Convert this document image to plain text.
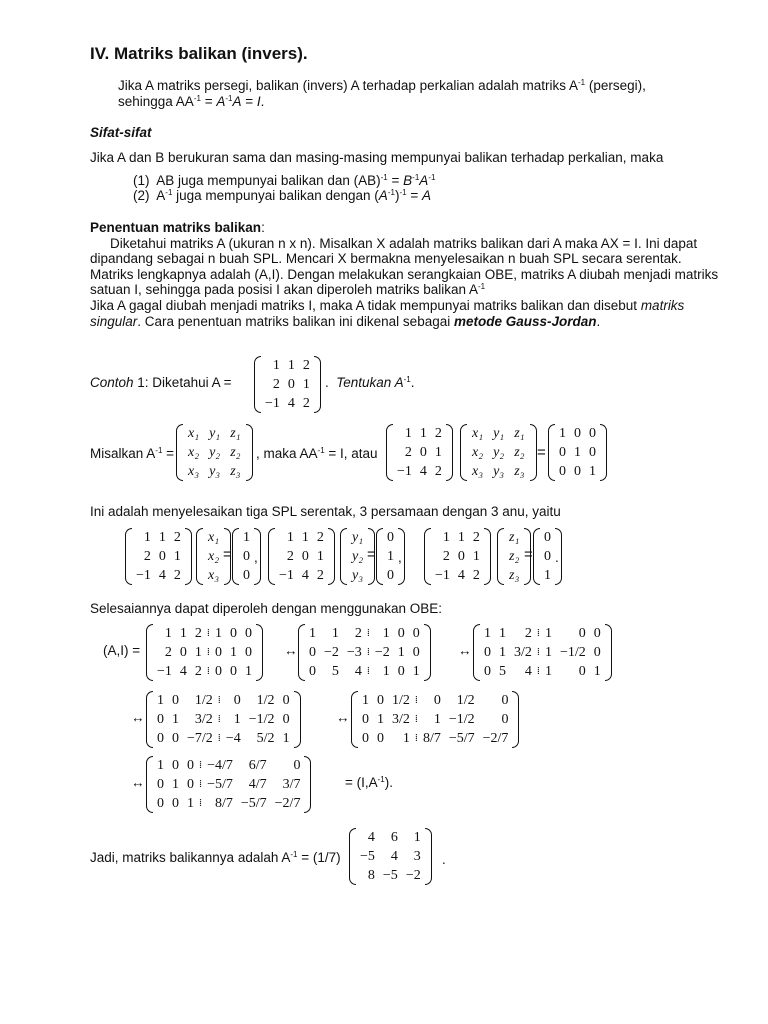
IV. Matriks balikan (invers).
Jika A matriks persegi, balikan (invers) A terhadap perkalian adalah matriks $A^{-1}$ (persegi),
sehingga $AA^{-1} = A^{-1}A = I$.
Sifat-sifat
Jika A dan B berukuran sama dan masing-masing mempunyai balikan terhadap perkalian, maka
(1) AB juga mempunyai balikan dan $(AB)^{-1} = B^{-1}A^{-1}$
(2) $A^{-1}$ juga mempunyai balikan dengan $(A^{-1})^{-1} = A$
Penentuan matriks balikan:
Diketahui matriks A (ukuran n x n). Misalkan X adalah matriks balikan dari A maka AX = I. Ini dapat
dipandang sebagai n buah SPL. Mencari X bermakna menyelesaikan n buah SPL secara serentak.
Matriks lengkapnya adalah (A,I). Dengan melakukan serangkaian OBE, matriks A diubah menjadi matriks
satuan I, sehingga pada posisi I akan diperoleh matriks balikan $A^{-1}$
Jika A gagal diubah menjadi matriks I, maka A tidak mempunyai matriks balikan dan disebut matriks
singular. Cara penentuan matriks balikan ini dikenal sebagai metode Gauss-Jordan.
Contoh 1: Diketahui A =
1	1	2
2	0	1
−1	4	2
.  Tentukan $A^{-1}$.
Misalkan $A^{-1}$ =
x₁	y₁	z₁
x₂	y₂	z₂
x₃	y₃	z₃
, maka $AA^{-1} = I$, atau
1	1	2
2	0	1
−1	4	2
x₁	y₁	z₁
x₂	y₂	z₂
x₃	y₃	z₃
=
1	0	0
0	1	0
0	0	1
Ini adalah menyelesaikan tiga SPL serentak, 3 persamaan dengan 3 anu, yaitu
1	1	2
2	0	1
−1	4	2
x₁
x₂
x₃
=
1
0
0
,
1	1	2
2	0	1
−1	4	2
y₁
y₂
y₃
=
0
1
0
,
1	1	2
2	0	1
−1	4	2
z₁
z₂
z₃
=
0
0
1
.
Selesaiannya dapat diperoleh dengan menggunakan OBE:
(A,I) =
1	1	2	⁞	1	0	0
2	0	1	⁞	0	1	0
−1	4	2	⁞	0	0	1
↔
1	1	2	⁞	1	0	0
0	−2	−3	⁞	−2	1	0
0	5	4	⁞	1	0	1
↔
1	1	2	⁞	1	0	0
0	1	3/2	⁞	1	−1/2	0
0	5	4	⁞	1	0	1
↔
1	0	1/2	⁞	0	1/2	0
0	1	3/2	⁞	1	−1/2	0
0	0	−7/2	⁞	−4	5/2	1
↔
1	0	1/2	⁞	0	1/2	0
0	1	3/2	⁞	1	−1/2	0
0	0	1	⁞	8/7	−5/7	−2/7
↔
1	0	0	⁞	−4/7	6/7	0
0	1	0	⁞	−5/7	4/7	3/7
0	0	1	⁞	8/7	−5/7	−2/7
= $(I,A^{-1})$.
Jadi, matriks balikannya adalah $A^{-1} = (1/7)$
4	6	1
−5	4	3
8	−5	−2
.
